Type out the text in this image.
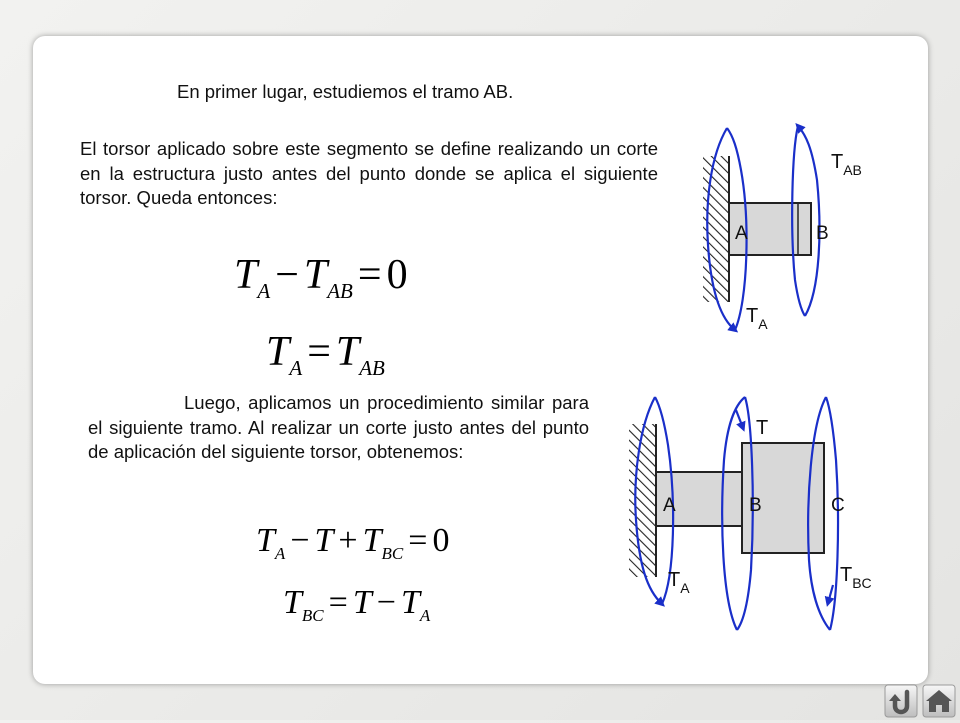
En primer lugar, estudiemos el tramo AB.
El torsor aplicado sobre este segmento se define realizando un corte en la estructura justo antes del punto donde se aplica el siguiente torsor. Queda entonces:
Luego, aplicamos un procedimiento similar para el siguiente tramo. Al realizar un corte justo antes del punto de aplicación del siguiente torsor, obtenemos:
$T_A - T_{AB} = 0$
$T_A = T_{AB}$
$T_A - T + T_{BC} = 0$
$T_{BC} = T - T_A$
A	B
$T_{AB}$
$T_A$
A	B	C
T
$T_A$
$T_{BC}$
